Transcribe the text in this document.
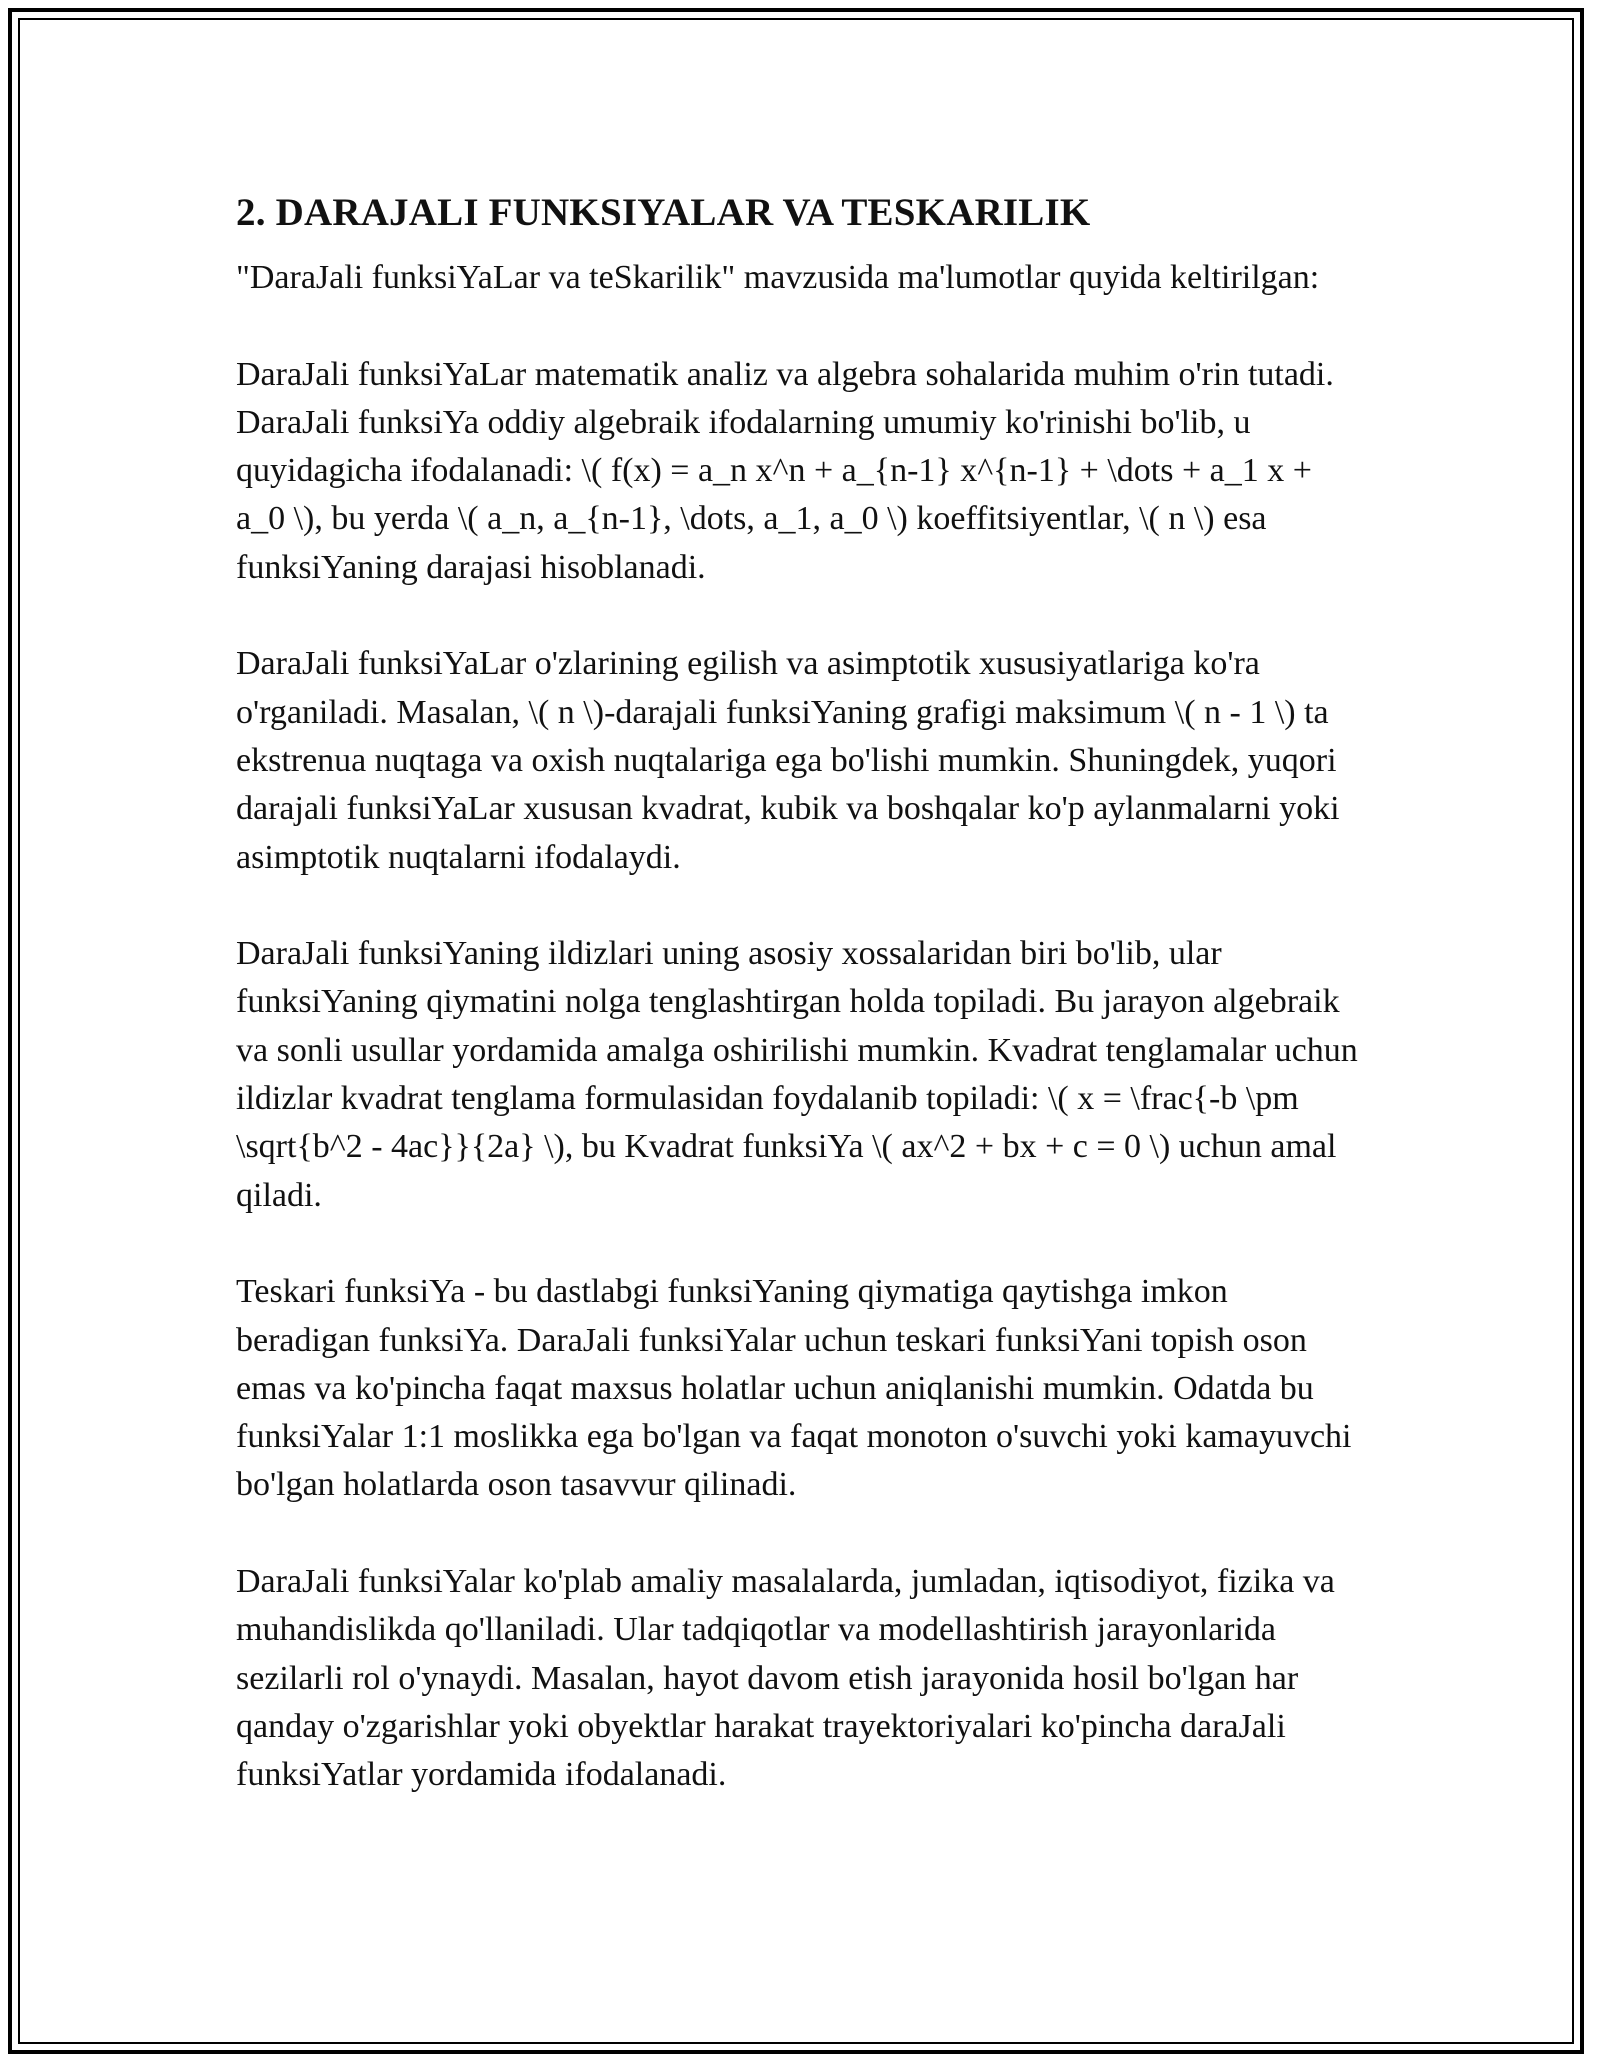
2. DARAJALI FUNKSIYALAR VA TESKARILIK

"DaraJali funksiYaLar va teSkarilik" mavzusida ma'lumotlar quyida keltirilgan:

DaraJali funksiYaLar matematik analiz va algebra sohalarida muhim o'rin tutadi. DaraJali funksiYa oddiy algebraik ifodalarning umumiy ko'rinishi bo'lib, u quyidagicha ifodalanadi: \( f(x) = a_n x^n + a_{n-1} x^{n-1} + \dots + a_1 x + a_0 \), bu yerda \( a_n, a_{n-1}, \dots, a_1, a_0 \) koeffitsiyentlar, \( n \) esa funksiYaning darajasi hisoblanadi.

DaraJali funksiYaLar o'zlarining egilish va asimptotik xususiyatlariga ko'ra o'rganiladi. Masalan, \( n \)-darajali funksiYaning grafigi maksimum \( n - 1 \) ta ekstrenua nuqtaga va oxish nuqtalariga ega bo'lishi mumkin. Shuningdek, yuqori darajali funksiYaLar xususan kvadrat, kubik va boshqalar ko'p aylanmalarni yoki asimptotik nuqtalarni ifodalaydi.

DaraJali funksiYaning ildizlari uning asosiy xossalaridan biri bo'lib, ular funksiYaning qiymatini nolga tenglashtirgan holda topiladi. Bu jarayon algebraik va sonli usullar yordamida amalga oshirilishi mumkin. Kvadrat tenglamalar uchun ildizlar kvadrat tenglama formulasidan foydalanib topiladi: \( x = \frac{-b \pm \sqrt{b^2 - 4ac}}{2a} \), bu Kvadrat funksiYa \( ax^2 + bx + c = 0 \) uchun amal qiladi.

Teskari funksiYa - bu dastlabgi funksiYaning qiymatiga qaytishga imkon beradigan funksiYa. DaraJali funksiYalar uchun teskari funksiYani topish oson emas va ko'pincha faqat maxsus holatlar uchun aniqlanishi mumkin. Odatda bu funksiYalar 1:1 moslikka ega bo'lgan va faqat monoton o'suvchi yoki kamayuvchi bo'lgan holatlarda oson tasavvur qilinadi.

DaraJali funksiYalar ko'plab amaliy masalalarda, jumladan, iqtisodiyot, fizika va muhandislikda qo'llaniladi. Ular tadqiqotlar va modellashtirish jarayonlarida sezilarli rol o'ynaydi. Masalan, hayot davom etish jarayonida hosil bo'lgan har qanday o'zgarishlar yoki obyektlar harakat trayektoriyalari ko'pincha daraJali funksiYatlar yordamida ifodalanadi.
